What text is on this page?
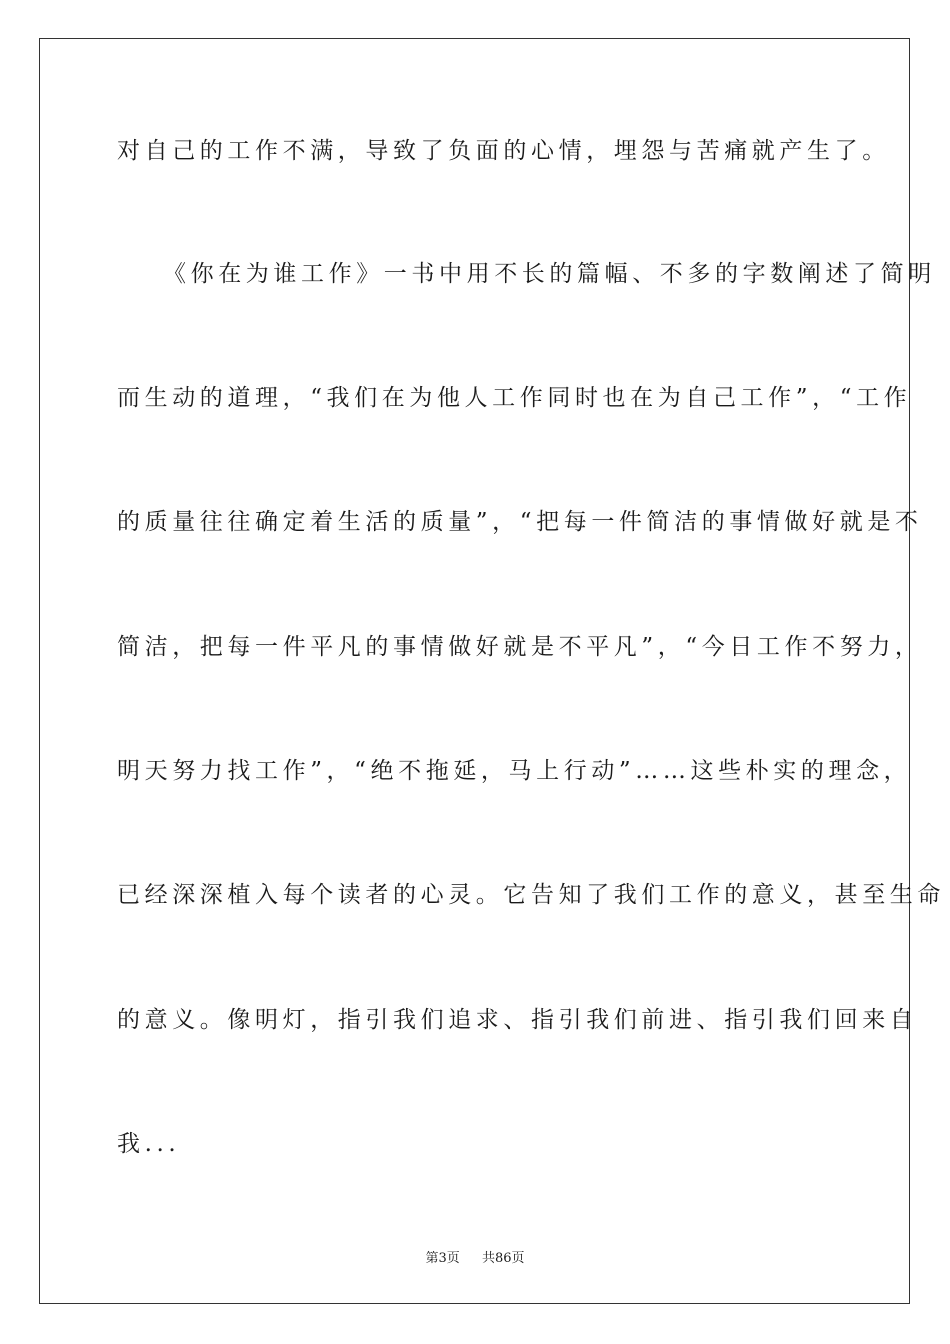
对自己的工作不满，导致了负面的心情，埋怨与苦痛就产生了。
《你在为谁工作》一书中用不长的篇幅、不多的字数阐述了简明
而生动的道理，“我们在为他人工作同时也在为自己工作”，“工作
的质量往往确定着生活的质量”，“把每一件简洁的事情做好就是不
简洁，把每一件平凡的事情做好就是不平凡”，“今日工作不努力，
明天努力找工作”，“绝不拖延，马上行动”……这些朴实的理念，
已经深深植入每个读者的心灵。它告知了我们工作的意义，甚至生命
的意义。像明灯，指引我们追求、指引我们前进、指引我们回来自
我...
第3页 共86页
